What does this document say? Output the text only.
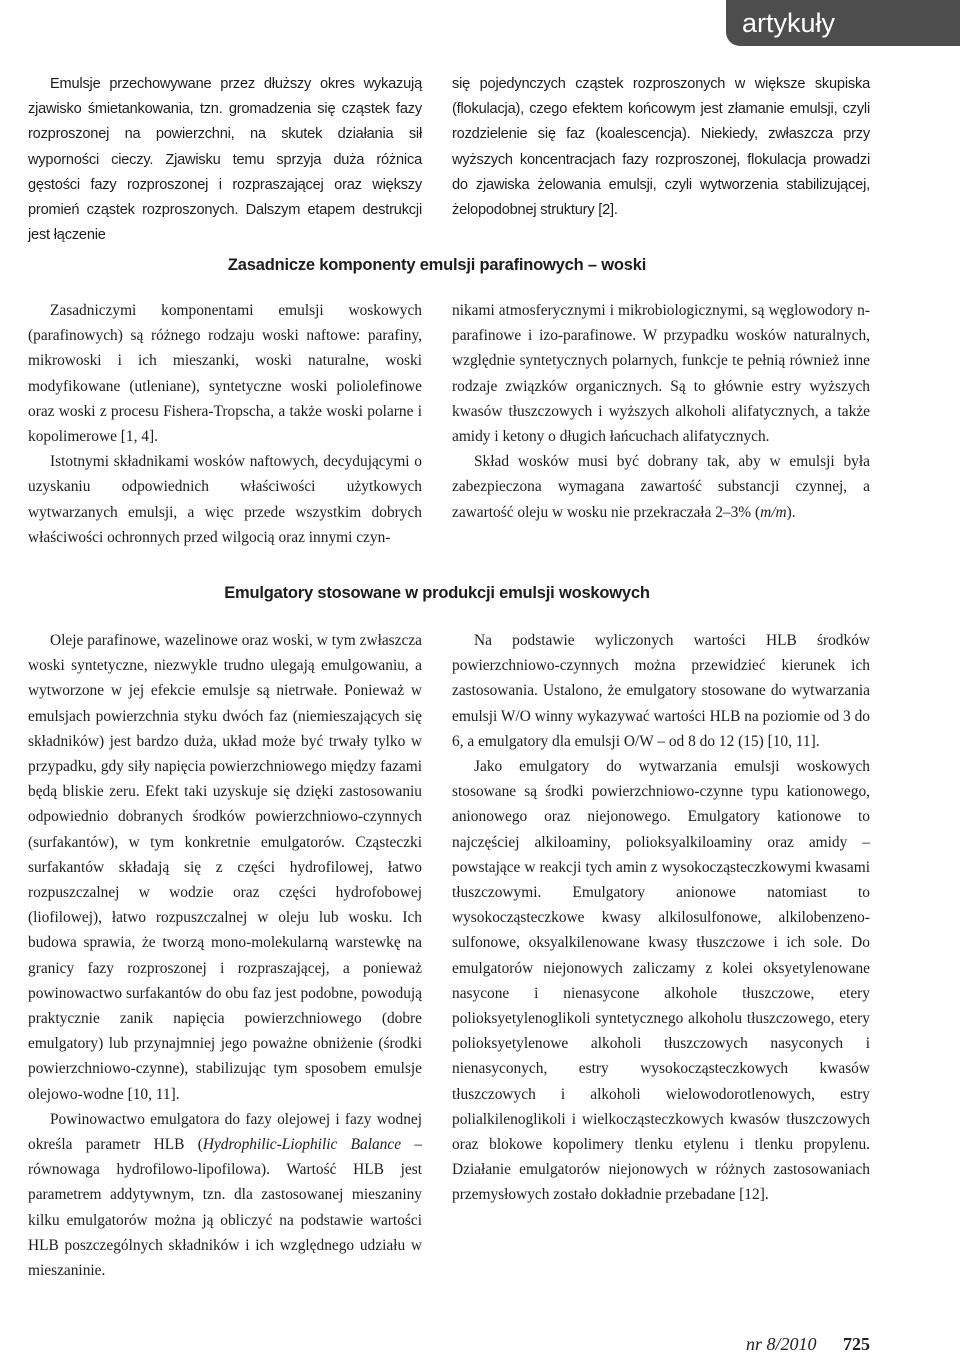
artykuły

Emulsje przechowywane przez dłuższy okres wykazują zjawisko śmietankowania, tzn. gromadzenia się cząstek fazy rozproszonej na powierzchni, na skutek działania sił wyporności cieczy. Zjawisku temu sprzyja duża różnica gęstości fazy rozproszonej i rozpraszającej oraz większy promień cząstek rozproszonych. Dalszym etapem destrukcji jest łączenie

się pojedynczych cząstek rozproszonych w większe skupiska (flokulacja), czego efektem końcowym jest złamanie emulsji, czyli rozdzielenie się faz (koalescencja). Niekiedy, zwłaszcza przy wyższych koncentracjach fazy rozproszonej, flokulacja prowadzi do zjawiska żelowania emulsji, czyli wytworzenia stabilizującej, żelopodobnej struktury [2].

Zasadnicze komponenty emulsji parafinowych – woski

Zasadniczymi komponentami emulsji woskowych (parafinowych) są różnego rodzaju woski naftowe: parafiny, mikrowoski i ich mieszanki, woski naturalne, woski modyfikowane (utleniane), syntetyczne woski poliolefinowe oraz woski z procesu Fishera-Tropscha, a także woski polarne i kopolimerowe [1, 4].

Istotnymi składnikami wosków naftowych, decydującymi o uzyskaniu odpowiednich właściwości użytkowych wytwarzanych emulsji, a więc przede wszystkim dobrych właściwości ochronnych przed wilgocią oraz innymi czyn-

nikami atmosferycznymi i mikrobiologicznymi, są węglowodory n-parafinowe i izo-parafinowe. W przypadku wosków naturalnych, względnie syntetycznych polarnych, funkcje te pełnią również inne rodzaje związków organicznych. Są to głównie estry wyższych kwasów tłuszczowych i wyższych alkoholi alifatycznych, a także amidy i ketony o długich łańcuchach alifatycznych.

Skład wosków musi być dobrany tak, aby w emulsji była zabezpieczona wymagana zawartość substancji czynnej, a zawartość oleju w wosku nie przekraczała 2–3% (m/m).

Emulgatory stosowane w produkcji emulsji woskowych

Oleje parafinowe, wazelinowe oraz woski, w tym zwłaszcza woski syntetyczne, niezwykle trudno ulegają emulgowaniu, a wytworzone w jej efekcie emulsje są nietrwałe. Ponieważ w emulsjach powierzchnia styku dwóch faz (niemieszających się składników) jest bardzo duża, układ może być trwały tylko w przypadku, gdy siły napięcia powierzchniowego między fazami będą bliskie zeru. Efekt taki uzyskuje się dzięki zastosowaniu odpowiednio dobranych środków powierzchniowo-czynnych (surfakantów), w tym konkretnie emulgatorów. Cząsteczki surfakantów składają się z części hydrofilowej, łatwo rozpuszczalnej w wodzie oraz części hydrofobowej (liofilowej), łatwo rozpuszczalnej w oleju lub wosku. Ich budowa sprawia, że tworzą mono-molekularną warstewkę na granicy fazy rozproszonej i rozpraszającej, a ponieważ powinowactwo surfakantów do obu faz jest podobne, powodują praktycznie zanik napięcia powierzchniowego (dobre emulgatory) lub przynajmniej jego poważne obniżenie (środki powierzchniowo-czynne), stabilizując tym sposobem emulsje olejowo-wodne [10, 11].

Powinowactwo emulgatora do fazy olejowej i fazy wodnej określa parametr HLB (Hydrophilic-Liophilic Balance – równowaga hydrofilowo-lipofilowa). Wartość HLB jest parametrem addytywnym, tzn. dla zastosowanej mieszaniny kilku emulgatorów można ją obliczyć na podstawie wartości HLB poszczególnych składników i ich względnego udziału w mieszaninie.

Na podstawie wyliczonych wartości HLB środków powierzchniowo-czynnych można przewidzieć kierunek ich zastosowania. Ustalono, że emulgatory stosowane do wytwarzania emulsji W/O winny wykazywać wartości HLB na poziomie od 3 do 6, a emulgatory dla emulsji O/W – od 8 do 12 (15) [10, 11].

Jako emulgatory do wytwarzania emulsji woskowych stosowane są środki powierzchniowo-czynne typu kationowego, anionowego oraz niejonowego. Emulgatory kationowe to najczęściej alkiloaminy, polioksyalkiloaminy oraz amidy – powstające w reakcji tych amin z wysokocząsteczkowymi kwasami tłuszczowymi. Emulgatory anionowe natomiast to wysokocząsteczkowe kwasy alkilosulfonowe, alkilobenzeno-sulfonowe, oksyalkilenowane kwasy tłuszczowe i ich sole. Do emulgatorów niejonowych zaliczamy z kolei oksyetylenowane nasycone i nienasycone alkohole tłuszczowe, etery polioksyetylenoglikoli syntetycznego alkoholu tłuszczowego, etery polioksyetylenowe alkoholi tłuszczowych nasyconych i nienasyconych, estry wysokocząsteczkowych kwasów tłuszczowych i alkoholi wielowodorotlenowych, estry polialkilenoglikoli i wielkocząsteczkowych kwasów tłuszczowych oraz blokowe kopolimery tlenku etylenu i tlenku propylenu. Działanie emulgatorów niejonowych w różnych zastosowaniach przemysłowych zostało dokładnie przebadane [12].

nr 8/2010 725
